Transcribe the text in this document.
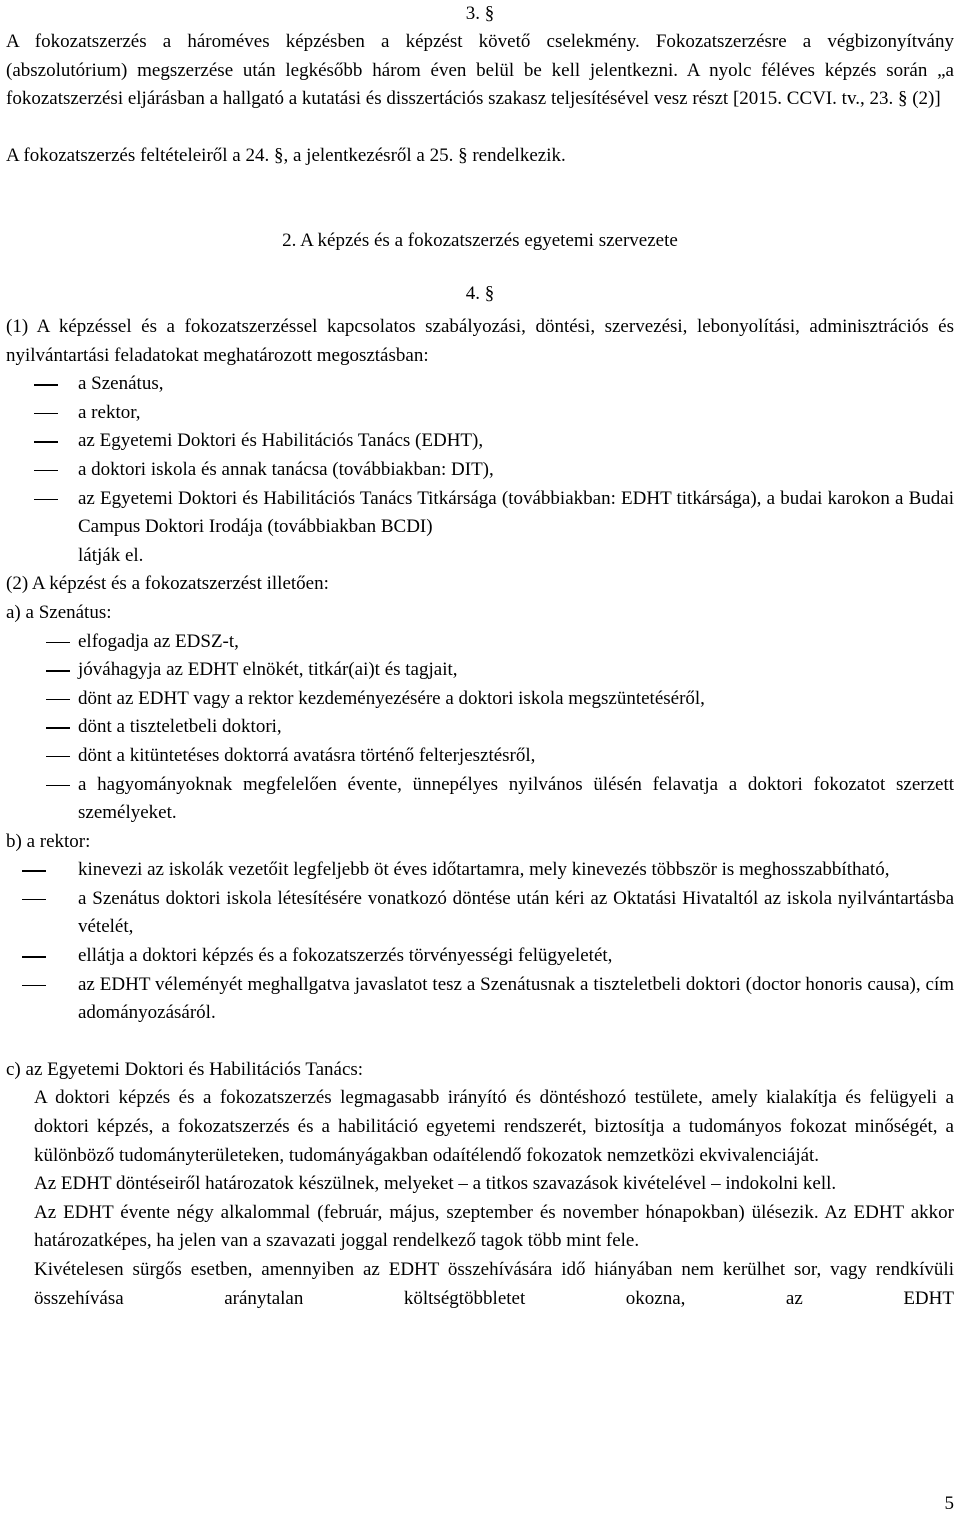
3. §

A fokozatszerzés a hároméves képzésben a képzést követő cselekmény. Fokozatszerzésre a végbizonyítvány (abszolutórium) megszerzése után legkésőbb három éven belül be kell jelentkezni. A nyolc féléves képzés során „a fokozatszerzési eljárásban a hallgató a kutatási és disszertációs szakasz teljesítésével vesz részt [2015. CCVI. tv., 23. § (2)]

A fokozatszerzés feltételeiről a 24. §, a jelentkezésről a 25. § rendelkezik.

2. A képzés és a fokozatszerzés egyetemi szervezete

4. §

(1) A képzéssel és a fokozatszerzéssel kapcsolatos szabályozási, döntési, szervezési, lebonyolítási, adminisztrációs és nyilvántartási feladatokat meghatározott megosztásban:

a Szenátus,
a rektor,
az Egyetemi Doktori és Habilitációs Tanács (EDHT),
a doktori iskola és annak tanácsa (továbbiakban: DIT),
az Egyetemi Doktori és Habilitációs Tanács Titkársága (továbbiakban: EDHT titkársága), a budai karokon a Budai Campus Doktori Irodája (továbbiakban BCDI)

látják el.

(2) A képzést és a fokozatszerzést illetően:

a) a Szenátus:

elfogadja az EDSZ-t,
jóváhagyja az EDHT elnökét, titkár(ai)t és tagjait,
dönt az EDHT vagy a rektor kezdeményezésére a doktori iskola megszüntetéséről,
dönt a tiszteletbeli doktori,
dönt a kitüntetéses doktorrá avatásra történő felterjesztésről,
a hagyományoknak megfelelően évente, ünnepélyes nyilvános ülésén felavatja a doktori fokozatot szerzett személyeket.

b) a rektor:

kinevezi az iskolák vezetőit legfeljebb öt éves időtartamra, mely kinevezés többször is meghosszabbítható,
a Szenátus doktori iskola létesítésére vonatkozó döntése után kéri az Oktatási Hivataltól az iskola nyilvántartásba vételét,
ellátja a doktori képzés és a fokozatszerzés törvényességi felügyeletét,
az EDHT véleményét meghallgatva javaslatot tesz a Szenátusnak a tiszteletbeli doktori (doctor honoris causa), cím adományozásáról.

c) az Egyetemi Doktori és Habilitációs Tanács:

A doktori képzés és a fokozatszerzés legmagasabb irányító és döntéshozó testülete, amely kialakítja és felügyeli a doktori képzés, a fokozatszerzés és a habilitáció egyetemi rendszerét, biztosítja a tudományos fokozat minőségét, a különböző tudományterületeken, tudományágakban odaítélendő fokozatok nemzetközi ekvivalenciáját.

Az EDHT döntéseiről határozatok készülnek, melyeket – a titkos szavazások kivételével – indokolni kell.

Az EDHT évente négy alkalommal (február, május, szeptember és november hónapokban) ülésezik. Az EDHT akkor határozatképes, ha jelen van a szavazati joggal rendelkező tagok több mint fele.

Kivételesen sürgős esetben, amennyiben az EDHT összehívására idő hiányában nem kerülhet sor, vagy rendkívüli összehívása aránytalan költségtöbbletet okozna, az EDHT

5
